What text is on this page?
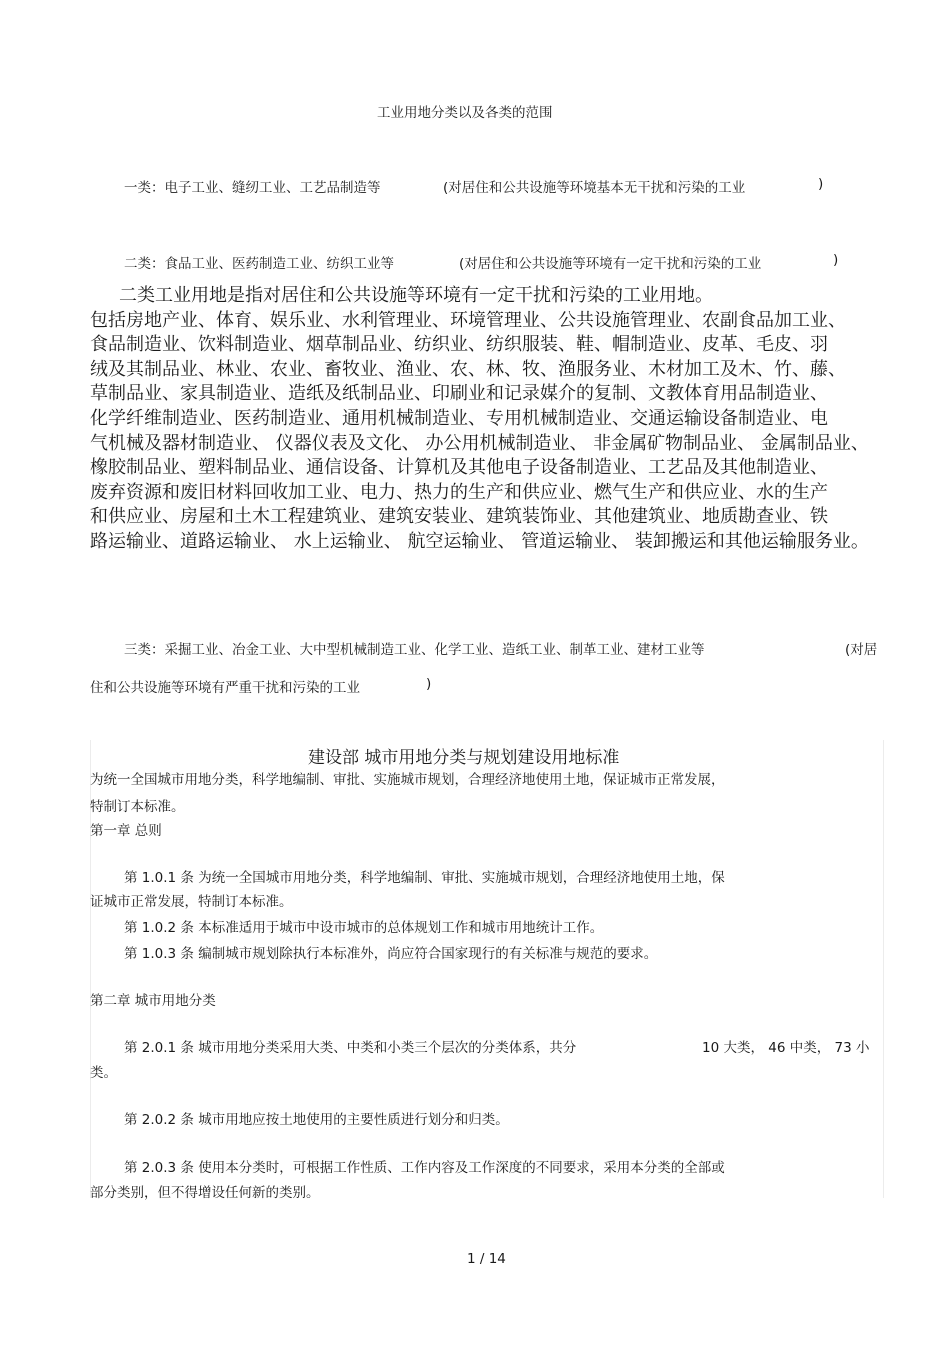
工业用地分类以及各类的范围
一类：电子工业、缝纫工业、工艺品制造等	(对居住和公共设施等环境基本无干扰和污染的工业	)
二类：食品工业、医药制造工业、纺织工业等	(对居住和公共设施等环境有一定干扰和污染的工业	)
二类工业用地是指对居住和公共设施等环境有一定干扰和污染的工业用地。
包括房地产业、体育、娱乐业、水利管理业、环境管理业、公共设施管理业、农副食品加工业、
食品制造业、饮料制造业、烟草制品业、纺织业、纺织服装、鞋、帽制造业、皮革、毛皮、羽
绒及其制品业、林业、农业、畜牧业、渔业、农、林、牧、渔服务业、木材加工及木、竹、藤、
草制品业、家具制造业、造纸及纸制品业、印刷业和记录媒介的复制、文教体育用品制造业、
化学纤维制造业、医药制造业、通用机械制造业、专用机械制造业、交通运输设备制造业、电
气机械及器材制造业、 仪器仪表及文化、 办公用机械制造业、 非金属矿物制品业、 金属制品业、
橡胶制品业、塑料制品业、通信设备、计算机及其他电子设备制造业、工艺品及其他制造业、
废弃资源和废旧材料回收加工业、电力、热力的生产和供应业、燃气生产和供应业、水的生产
和供应业、房屋和土木工程建筑业、建筑安装业、建筑装饰业、其他建筑业、地质勘查业、铁
路运输业、道路运输业、 水上运输业、 航空运输业、 管道运输业、 装卸搬运和其他运输服务业。
三类：采掘工业、冶金工业、大中型机械制造工业、化学工业、造纸工业、制革工业、建材工业等	(对居
住和公共设施等环境有严重干扰和污染的工业	)
建设部 城市用地分类与规划建设用地标准
为统一全国城市用地分类，科学地编制、审批、实施城市规划，合理经济地使用土地，保证城市正常发展，
特制订本标准。
第一章 总则
第 1.0.1 条 为统一全国城市用地分类，科学地编制、审批、实施城市规划，合理经济地使用土地，保
证城市正常发展，特制订本标准。
第 1.0.2 条 本标准适用于城市中设市城市的总体规划工作和城市用地统计工作。
第 1.0.3 条 编制城市规划除执行本标准外，尚应符合国家现行的有关标准与规范的要求。
第二章 城市用地分类
第 2.0.1 条 城市用地分类采用大类、中类和小类三个层次的分类体系，共分	10 大类， 46 中类， 73 小
类。
第 2.0.2 条 城市用地应按土地使用的主要性质进行划分和归类。
第 2.0.3 条 使用本分类时，可根据工作性质、工作内容及工作深度的不同要求，采用本分类的全部或
部分类别，但不得增设任何新的类别。
1 / 14
